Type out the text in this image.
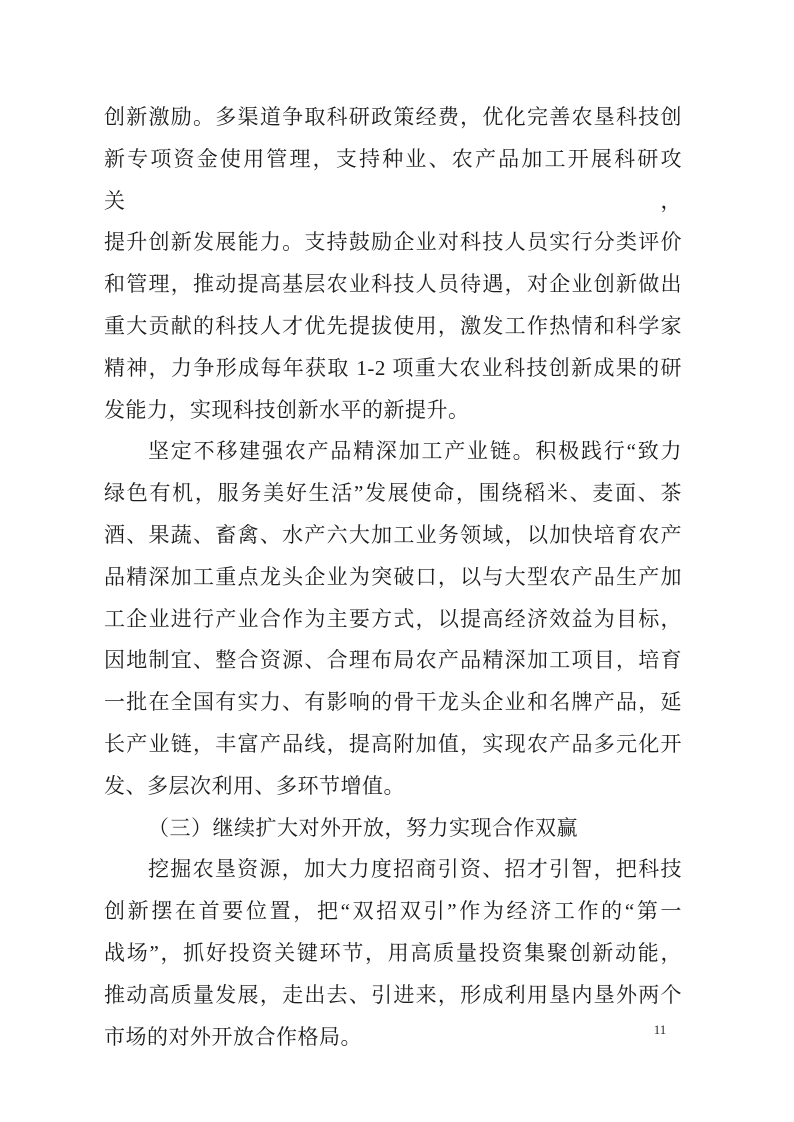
创新激励。多渠道争取科研政策经费，优化完善农垦科技创
新专项资金使用管理，支持种业、农产品加工开展科研攻关，
提升创新发展能力。支持鼓励企业对科技人员实行分类评价
和管理，推动提高基层农业科技人员待遇，对企业创新做出
重大贡献的科技人才优先提拔使用，激发工作热情和科学家
精神，力争形成每年获取 1-2 项重大农业科技创新成果的研
发能力，实现科技创新水平的新提升。
坚定不移建强农产品精深加工产业链。积极践行“致力
绿色有机，服务美好生活”发展使命，围绕稻米、麦面、茶
酒、果蔬、畜禽、水产六大加工业务领域，以加快培育农产
品精深加工重点龙头企业为突破口，以与大型农产品生产加
工企业进行产业合作为主要方式，以提高经济效益为目标，
因地制宜、整合资源、合理布局农产品精深加工项目，培育
一批在全国有实力、有影响的骨干龙头企业和名牌产品，延
长产业链，丰富产品线，提高附加值，实现农产品多元化开
发、多层次利用、多环节增值。
（三）继续扩大对外开放，努力实现合作双赢
挖掘农垦资源，加大力度招商引资、招才引智，把科技
创新摆在首要位置，把“双招双引”作为经济工作的“第一
战场”，抓好投资关键环节，用高质量投资集聚创新动能，
推动高质量发展，走出去、引进来，形成利用垦内垦外两个
市场的对外开放合作格局。	11
